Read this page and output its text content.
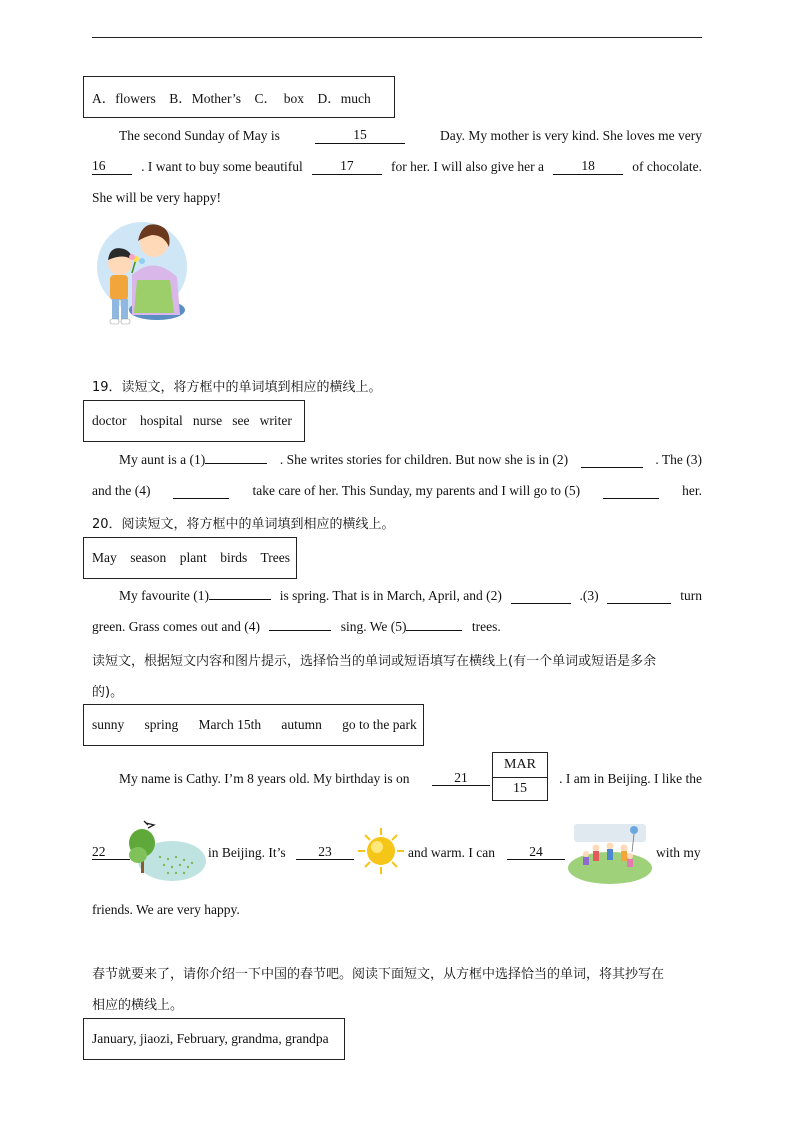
A．flowers    B．Mother’s    C．  box    D．much
The second Sunday of May is	15	Day. My mother is very kind. She loves me very
16	. I want to buy some beautiful	17	for her. I will also give her a	18	of chocolate.
She will be very happy!
19．读短文，将方框中的单词填到相应的横线上。
doctor    hospital   nurse   see   writer
My aunt is a (1)	. She writes stories for children. But now she is in (2)	. The (3)
and the (4)	take care of her. This Sunday, my parents and I will go to (5)	her.
20．阅读短文，将方框中的单词填到相应的横线上。
May    season    plant    birds    Trees
My favourite (1)	is spring. That is in March, April, and (2)	.(3)	turn
green. Grass comes out and (4)	sing. We (5)	trees.
读短文，根据短文内容和图片提示，选择恰当的单词或短语填写在横线上(有一个单词或短语是多余
的)。
sunny      spring      March 15th      autumn      go to the park
My name is Cathy. I’m 8 years old. My birthday is on	21
MAR
15
. I am in Beijing. I like the
22	in Beijing. It’s	23	and warm. I can	24	with my
friends. We are very happy.
春节就要来了，请你介绍一下中国的春节吧。阅读下面短文，从方框中选择恰当的单词，将其抄写在
相应的横线上。
January, jiaozi, February, grandma, grandpa
